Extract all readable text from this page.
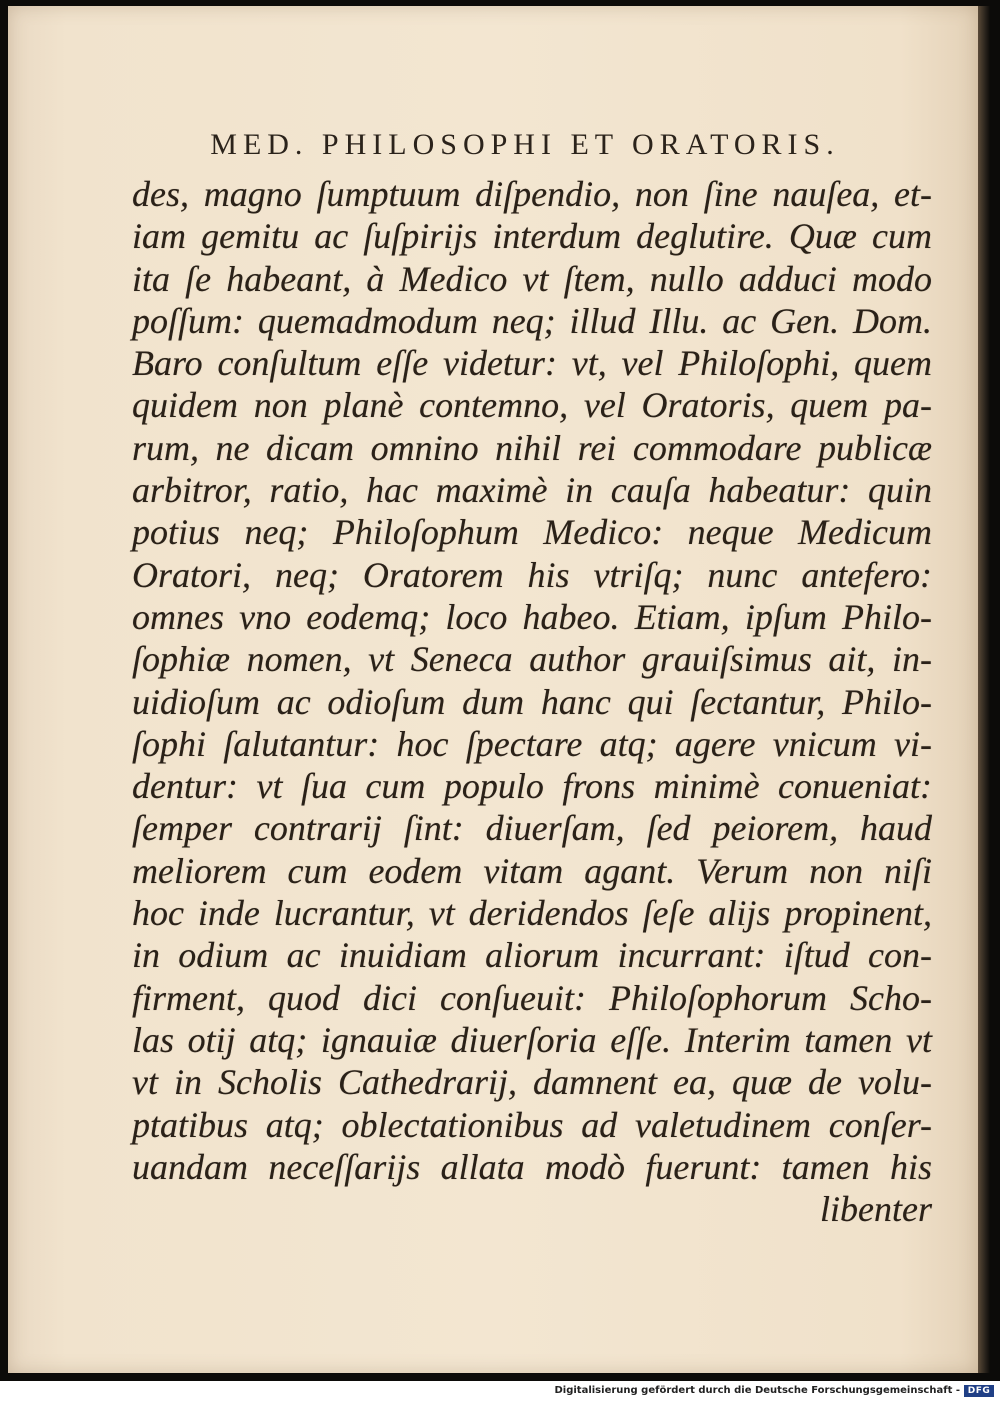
MED. PHILOSOPHI ET ORATORIS.
des, magno ſumptuum diſpendio, non ſine nauſea, et-
iam gemitu ac ſuſpirijs interdum deglutire. Quæ cum
ita ſe habeant, à Medico vt ſtem, nullo adduci modo
poſſum: quemadmodum neq; illud Illu. ac Gen. Dom.
Baro conſultum eſſe videtur: vt, vel Philoſophi, quem
quidem non planè contemno, vel Oratoris, quem pa-
rum, ne dicam omnino nihil rei commodare publicæ
arbitror, ratio, hac maximè in cauſa habeatur: quin
potius neq; Philoſophum Medico: neque Medicum
Oratori, neq; Oratorem his vtriſq; nunc antefero:
omnes vno eodemq; loco habeo. Etiam, ipſum Philo-
ſophiæ nomen, vt Seneca author grauiſsimus ait, in-
uidioſum ac odioſum dum hanc qui ſectantur, Philo-
ſophi ſalutantur: hoc ſpectare atq; agere vnicum vi-
dentur: vt ſua cum populo frons minimè conueniat:
ſemper contrarij ſint: diuerſam, ſed peiorem, haud
meliorem cum eodem vitam agant. Verum non niſi
hoc inde lucrantur, vt deridendos ſeſe alijs propinent,
in odium ac inuidiam aliorum incurrant: iſtud con-
firment, quod dici conſueuit: Philoſophorum Scho-
las otij atq; ignauiæ diuerſoria eſſe. Interim tamen vt
vt in Scholis Cathedrarij, damnent ea, quæ de volu-
ptatibus atq; oblectationibus ad valetudinem conſer-
uandam neceſſarijs allata modò fuerunt: tamen his
libenter
Digitalisierung gefördert durch die Deutsche Forschungsgemeinschaft - DFG
